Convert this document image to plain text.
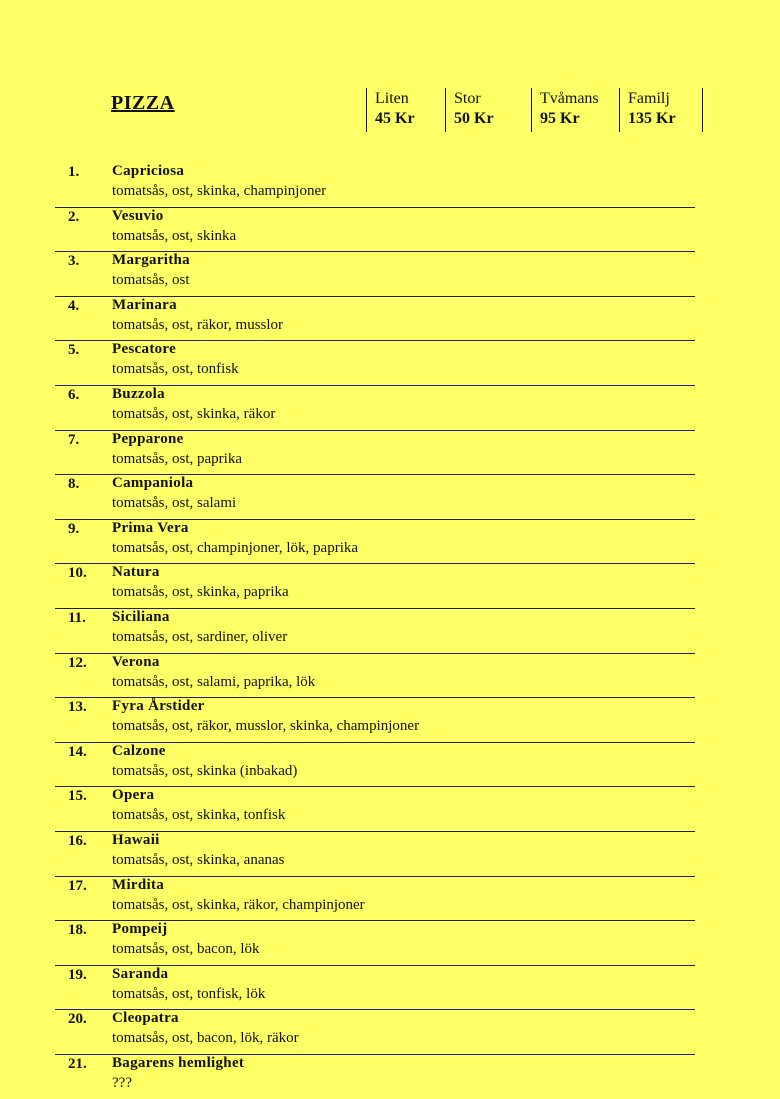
PIZZA	Liten
45 Kr
Stor
50 Kr
Tvåmans
95 Kr
Familj
135 Kr
1. Capriciosa
tomatsås, ost, skinka, champinjoner
2. Vesuvio
tomatsås, ost, skinka
3. Margaritha
tomatsås, ost
4. Marinara
tomatsås, ost, räkor, musslor
5. Pescatore
tomatsås, ost, tonfisk
6. Buzzola
tomatsås, ost, skinka, räkor
7. Pepparone
tomatsås, ost, paprika
8. Campaniola
tomatsås, ost, salami
9. Prima Vera
tomatsås, ost, champinjoner, lök, paprika
10. Natura
tomatsås, ost, skinka, paprika
11. Siciliana
tomatsås, ost, sardiner, oliver
12. Verona
tomatsås, ost, salami, paprika, lök
13. Fyra Årstider
tomatsås, ost, räkor, musslor, skinka, champinjoner
14. Calzone
tomatsås, ost, skinka (inbakad)
15. Opera
tomatsås, ost, skinka, tonfisk
16. Hawaii
tomatsås, ost, skinka, ananas
17. Mirdita
tomatsås, ost, skinka, räkor, champinjoner
18. Pompeij
tomatsås, ost, bacon, lök
19. Saranda
tomatsås, ost, tonfisk, lök
20. Cleopatra
tomatsås, ost, bacon, lök, räkor
21. Bagarens hemlighet
???
